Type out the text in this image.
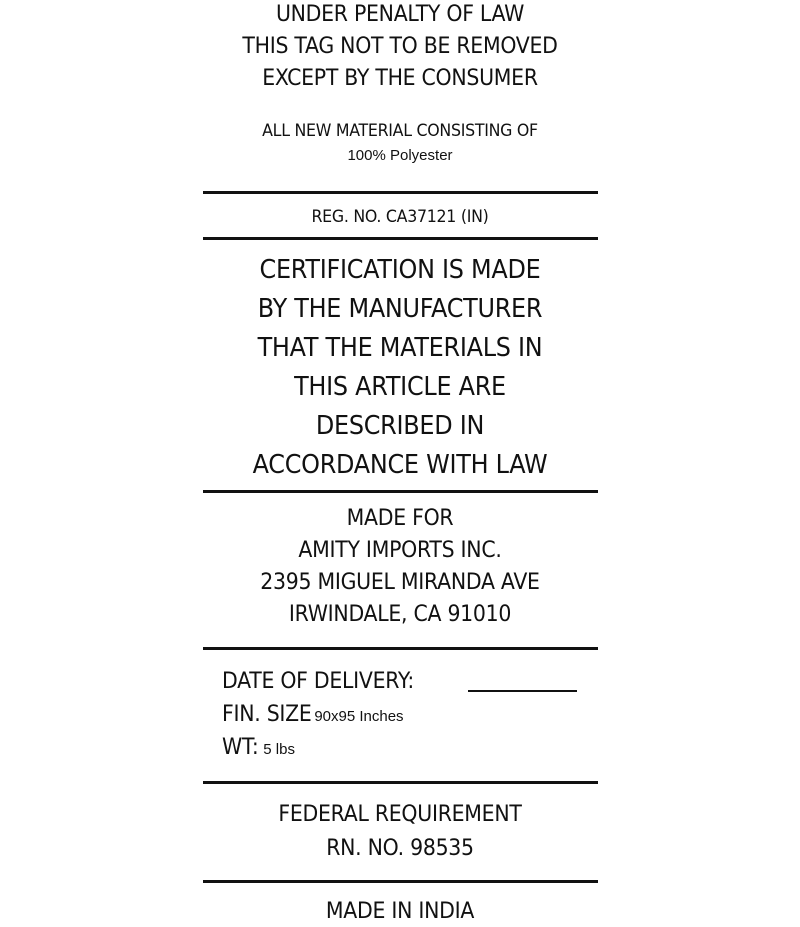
UNDER PENALTY OF LAW
THIS TAG NOT TO BE REMOVED
EXCEPT BY THE CONSUMER
ALL NEW MATERIAL CONSISTING OF
100% Polyester
REG. NO. CA37121 (IN)
CERTIFICATION IS MADE
BY THE MANUFACTURER
THAT THE MATERIALS IN
THIS ARTICLE ARE
DESCRIBED IN
ACCORDANCE WITH LAW
MADE FOR
AMITY IMPORTS INC.
2395 MIGUEL MIRANDA AVE
IRWINDALE, CA 91010
DATE OF DELIVERY:
FIN. SIZE 90x95 Inches
WT: 5 lbs
FEDERAL REQUIREMENT
RN. NO. 98535
MADE IN INDIA
